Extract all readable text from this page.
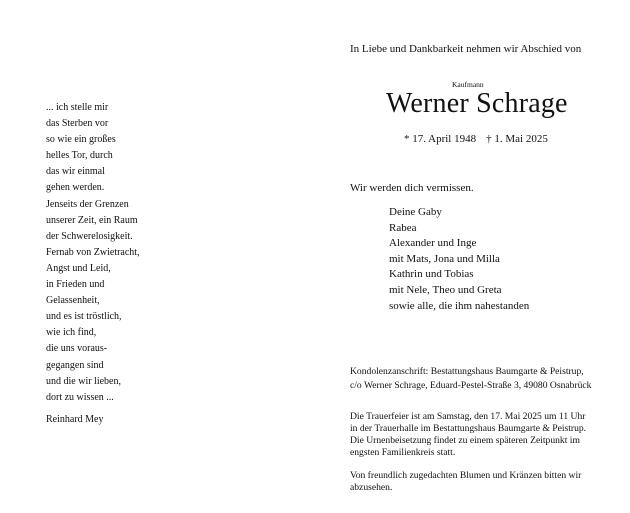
... ich stelle mir
das Sterben vor
so wie ein großes
helles Tor, durch
das wir einmal
gehen werden.
Jenseits der Grenzen
unserer Zeit, ein Raum
der Schwerelosigkeit.
Fernab von Zwietracht,
Angst und Leid,
in Frieden und
Gelassenheit,
und es ist tröstlich,
wie ich find,
die uns voraus-
gegangen sind
und die wir lieben,
dort zu wissen ...
Reinhard Mey
In Liebe und Dankbarkeit nehmen wir Abschied von
Kaufmann
Werner Schrage
* 17. April 1948 † 1. Mai 2025
Wir werden dich vermissen.
Deine Gaby
Rabea
Alexander und Inge
mit Mats, Jona und Milla
Kathrin und Tobias
mit Nele, Theo und Greta
sowie alle, die ihm nahestanden
Kondolenzanschrift: Bestattungshaus Baumgarte & Peistrup,
c/o Werner Schrage, Eduard-Pestel-Straße 3, 49080 Osnabrück
Die Trauerfeier ist am Samstag, den 17. Mai 2025 um 11 Uhr
in der Trauerhalle im Bestattungshaus Baumgarte & Peistrup.
Die Urnenbeisetzung findet zu einem späteren Zeitpunkt im
engsten Familienkreis statt.
Von freundlich zugedachten Blumen und Kränzen bitten wir
abzusehen.
